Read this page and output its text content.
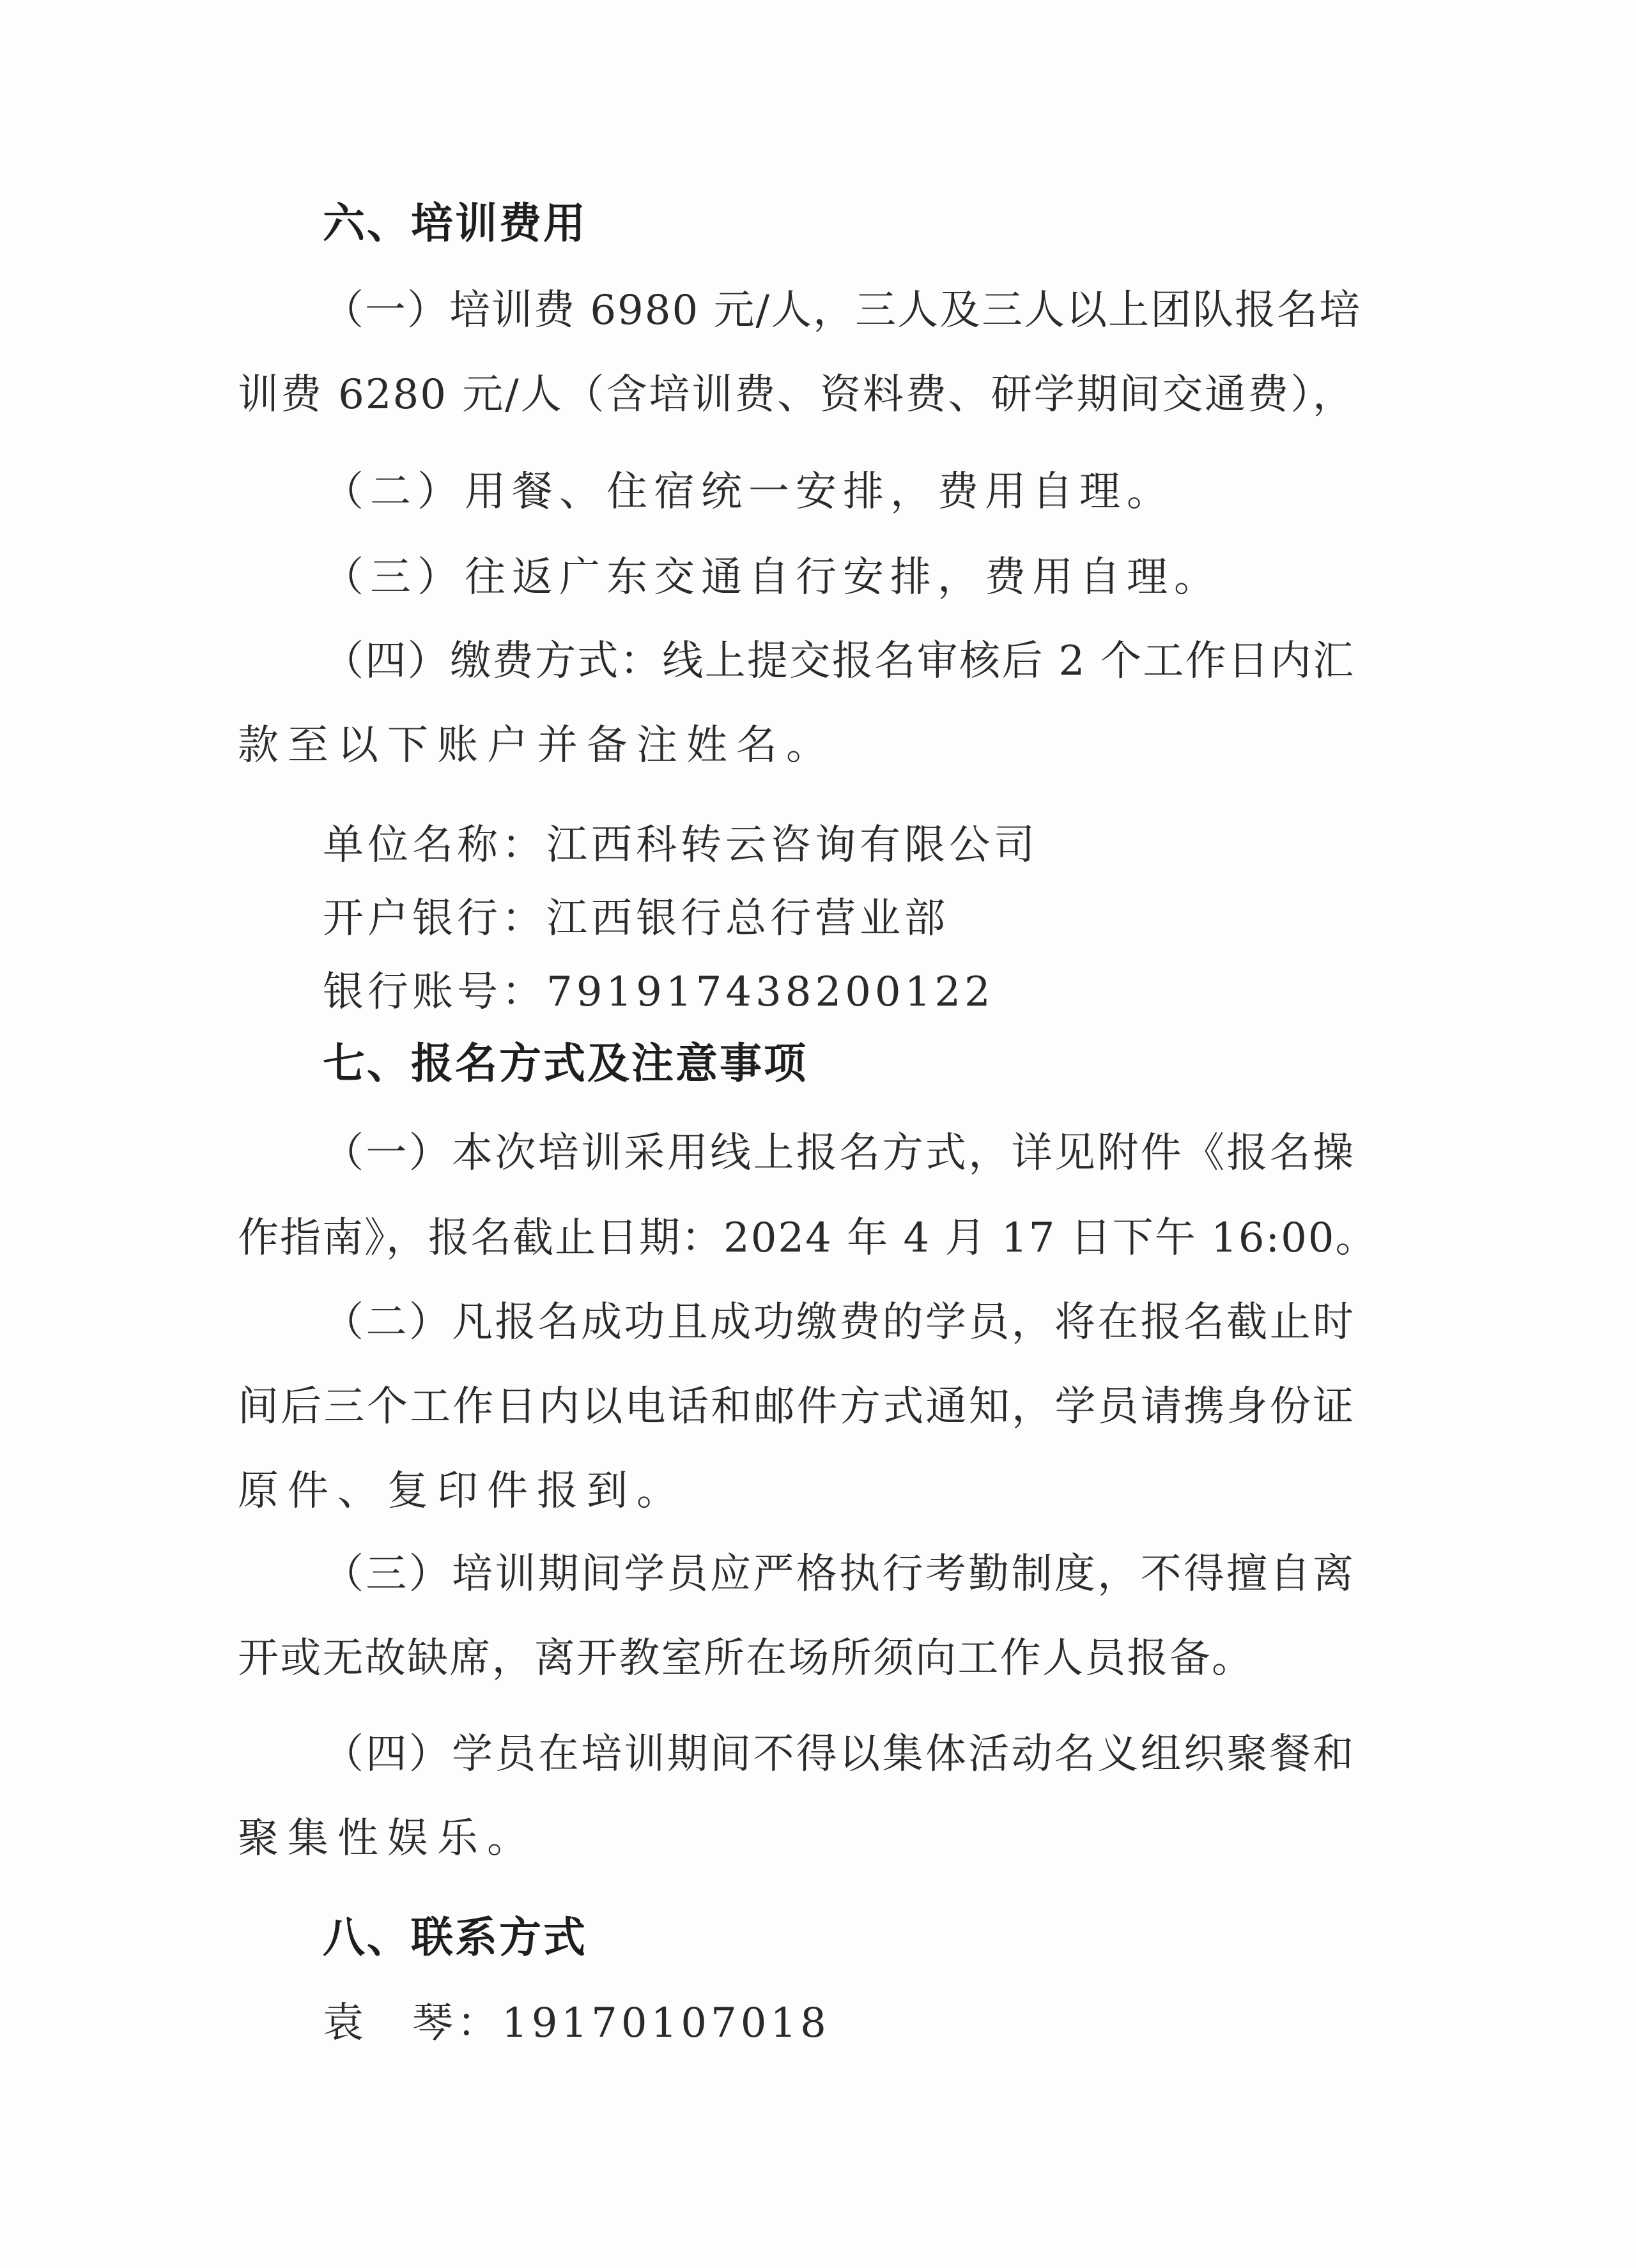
六、培训费用
（一）培训费 6980 元/人，三人及三人以上团队报名培
训费 6280 元/人（含培训费、资料费、研学期间交通费），
（二）用餐、住宿统一安排，费用自理。
（三）往返广东交通自行安排，费用自理。
（四）缴费方式：线上提交报名审核后 2 个工作日内汇
款至以下账户并备注姓名。
单位名称：江西科转云咨询有限公司
开户银行：江西银行总行营业部
银行账号：791917438200122
七、报名方式及注意事项
（一）本次培训采用线上报名方式，详见附件《报名操
作指南》，报名截止日期：2024 年 4 月 17 日下午 16:00。
（二）凡报名成功且成功缴费的学员，将在报名截止时
间后三个工作日内以电话和邮件方式通知，学员请携身份证
原件、复印件报到。
（三）培训期间学员应严格执行考勤制度，不得擅自离
开或无故缺席，离开教室所在场所须向工作人员报备。
（四）学员在培训期间不得以集体活动名义组织聚餐和
聚集性娱乐。
八、联系方式
袁　琴：19170107018
